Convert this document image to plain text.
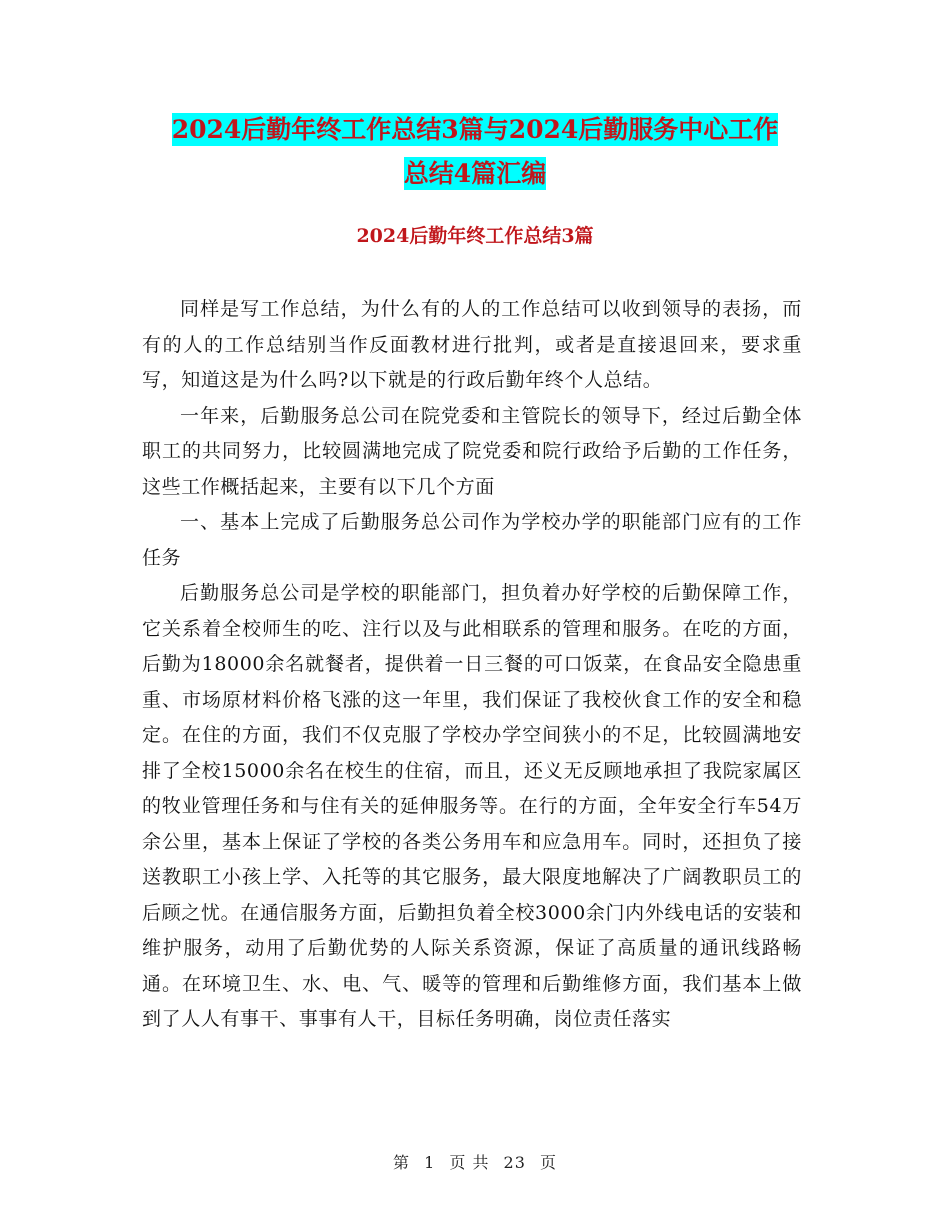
2024后勤年终工作总结3篇与2024后勤服务中心工作
总结4篇汇编
2024后勤年终工作总结3篇

同样是写工作总结，为什么有的人的工作总结可以收到领导的表扬，而有的人的工作总结别当作反面教材进行批判，或者是直接退回来，要求重写，知道这是为什么吗?以下就是的行政后勤年终个人总结。

一年来，后勤服务总公司在院党委和主管院长的领导下，经过后勤全体职工的共同努力，比较圆满地完成了院党委和院行政给予后勤的工作任务，这些工作概括起来，主要有以下几个方面

一、基本上完成了后勤服务总公司作为学校办学的职能部门应有的工作任务

后勤服务总公司是学校的职能部门，担负着办好学校的后勤保障工作，它关系着全校师生的吃、注行以及与此相联系的管理和服务。在吃的方面，后勤为18000余名就餐者，提供着一日三餐的可口饭菜，在食品安全隐患重重、市场原材料价格飞涨的这一年里，我们保证了我校伙食工作的安全和稳定。在住的方面，我们不仅克服了学校办学空间狭小的不足，比较圆满地安排了全校15000余名在校生的住宿，而且，还义无反顾地承担了我院家属区的牧业管理任务和与住有关的延伸服务等。在行的方面，全年安全行车54万余公里，基本上保证了学校的各类公务用车和应急用车。同时，还担负了接送教职工小孩上学、入托等的其它服务，最大限度地解决了广阔教职员工的后顾之忧。在通信服务方面，后勤担负着全校3000余门内外线电话的安装和维护服务，动用了后勤优势的人际关系资源，保证了高质量的通讯线路畅通。在环境卫生、水、电、气、暖等的管理和后勤维修方面，我们基本上做到了人人有事干、事事有人干，目标任务明确，岗位责任落实

第 1 页 共 23 页
